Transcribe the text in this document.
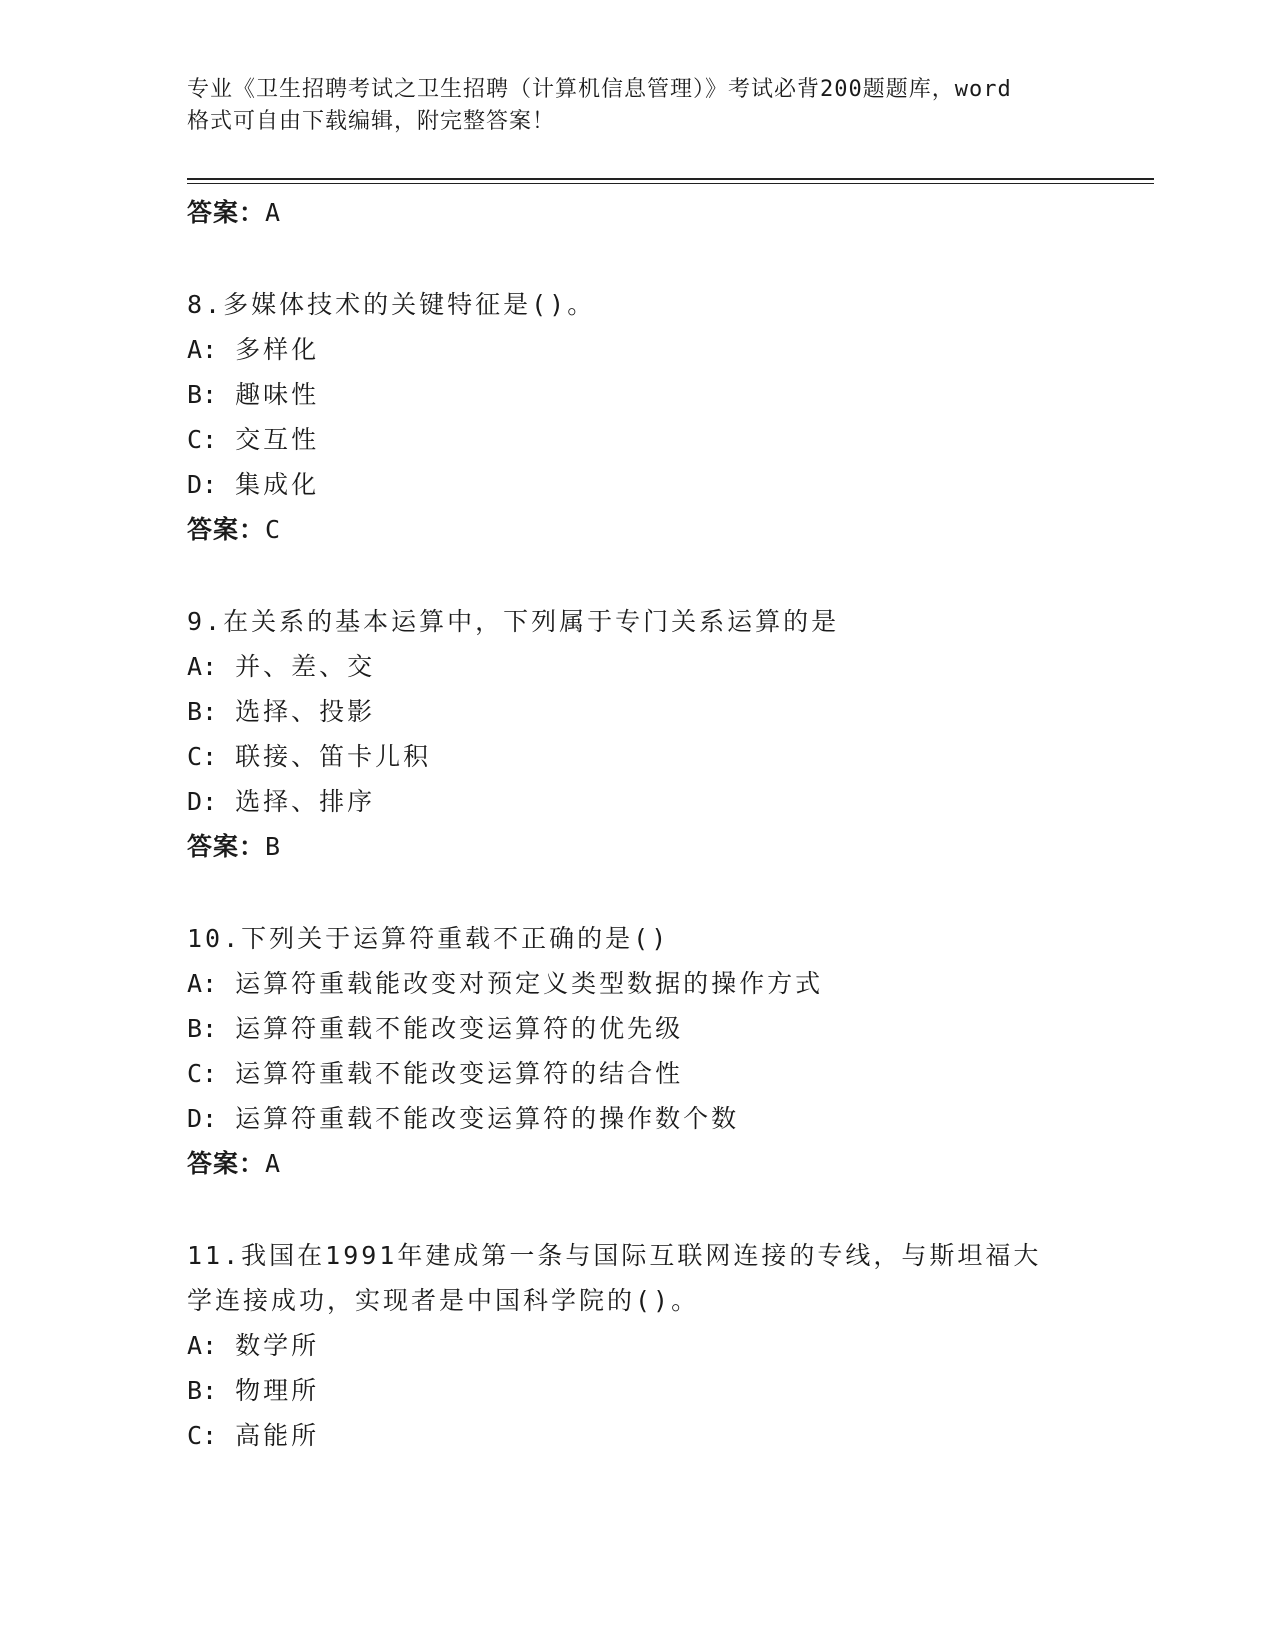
专业《卫生招聘考试之卫生招聘（计算机信息管理）》考试必背200题题库，word
格式可自由下载编辑，附完整答案！
答案：A
8.多媒体技术的关键特征是()。
A: 多样化
B: 趣味性
C: 交互性
D: 集成化
答案：C
9.在关系的基本运算中，下列属于专门关系运算的是
A: 并、差、交
B: 选择、投影
C: 联接、笛卡儿积
D: 选择、排序
答案：B
10.下列关于运算符重载不正确的是()
A: 运算符重载能改变对预定义类型数据的操作方式
B: 运算符重载不能改变运算符的优先级
C: 运算符重载不能改变运算符的结合性
D: 运算符重载不能改变运算符的操作数个数
答案：A
11.我国在1991年建成第一条与国际互联网连接的专线，与斯坦福大
学连接成功，实现者是中国科学院的()。
A: 数学所
B: 物理所
C: 高能所
